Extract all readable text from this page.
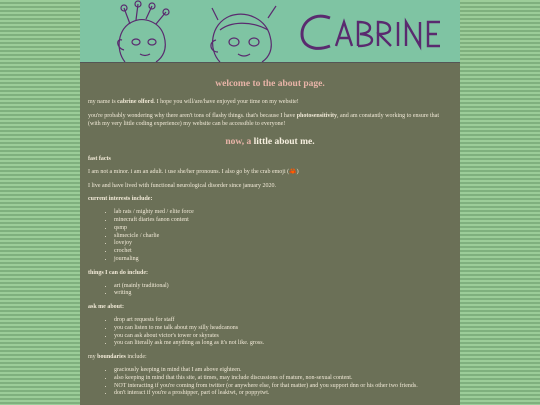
welcome to the about page.
my name is cabrine olford. I hope you will/are/have enjoyed your time on my website!
you're probably wondering why there aren't tons of flashy things. that's because I have photosensitivity, and am constantly working to ensure that (with my very little coding experience) my website can be accessible to everyone!
now, a little about me.
fast facts
I am not a minor. i am an adult. i use she/her pronouns. I also go by the crab emoji (🦀)
I live and have lived with functional neurological disorder since january 2020.
current interests include:
• lab rats / mighty med / elite force
• minecraft diaries fanon content
• qsmp
• slimecicle / charlie
• lovejoy
• crochet
• journaling
things I can do include:
• art (mainly traditional)
• writing
ask me about:
• drop art requests for staff
• you can listen to me talk about my silly headcanons
• you can ask about victor's tower or skyrates
• you can literally ask me anything as long as it's not like. gross.
my boundaries include:
• graciously keeping in mind that I am above eighteen.
• also keeping in mind that this site, at times, may include discussions of mature, non-sexual content.
• NOT interacting if you're coming from twitter (or anywhere else, for that matter) and you support dnn or his other two friends.
• don't interact if you're a proshipper, part of leaktwt, or poppytwt.
